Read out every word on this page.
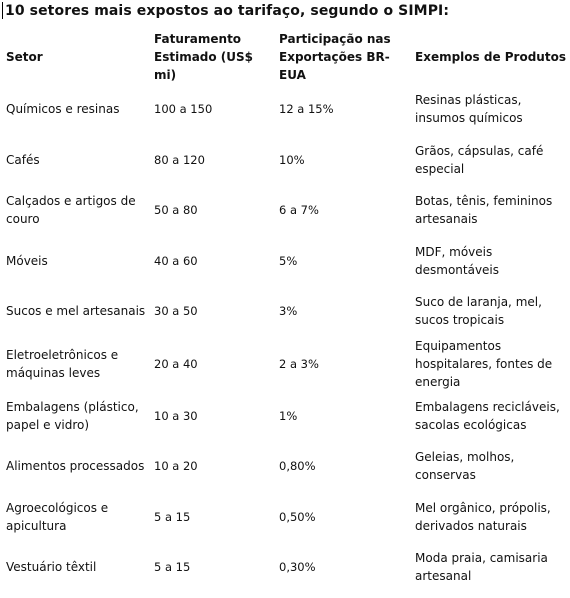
10 setores mais expostos ao tarifaço, segundo o SIMPI:
Setor	Faturamento Estimado (US$ mi)	Participação nas Exportações BR-EUA	Exemplos de Produtos
Químicos e resinas	100 a 150	12 a 15%	Resinas plásticas, insumos químicos
Cafés	80 a 120	10%	Grãos, cápsulas, café especial
Calçados e artigos de couro	50 a 80	6 a 7%	Botas, tênis, femininos artesanais
Móveis	40 a 60	5%	MDF, móveis desmontáveis
Sucos e mel artesanais	30 a 50	3%	Suco de laranja, mel, sucos tropicais
Eletroeletrônicos e máquinas leves	20 a 40	2 a 3%	Equipamentos hospitalares, fontes de energia
Embalagens (plástico, papel e vidro)	10 a 30	1%	Embalagens recicláveis, sacolas ecológicas
Alimentos processados	10 a 20	0,80%	Geleias, molhos, conservas
Agroecológicos e apicultura	5 a 15	0,50%	Mel orgânico, própolis, derivados naturais
Vestuário têxtil	5 a 15	0,30%	Moda praia, camisaria artesanal
